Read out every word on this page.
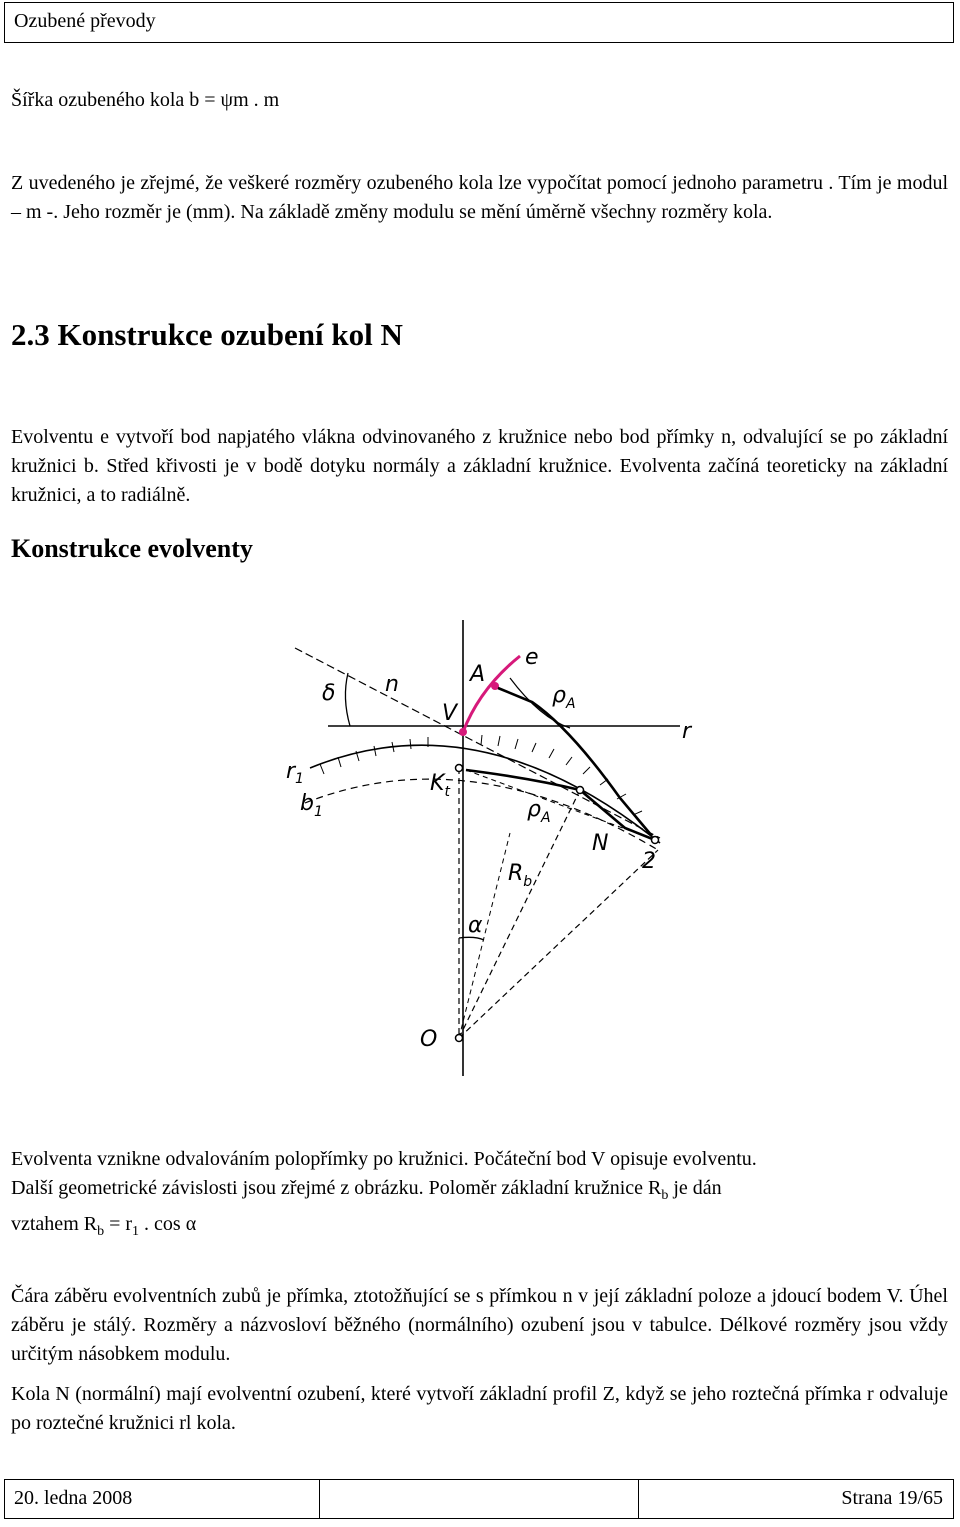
Ozubené převody

Šířka ozubeného kola b = ψm . m

Z uvedeného je zřejmé, že veškeré rozměry ozubeného kola lze vypočítat pomocí jednoho parametru . Tím je modul – m -. Jeho rozměr je (mm). Na základě změny modulu se mění úměrně všechny rozměry kola.

2.3 Konstrukce ozubení kol N

Evolventu e vytvoří bod napjatého vlákna odvinovaného z kružnice nebo bod přímky n, odvalující se po základní kružnici b. Střed křivosti je v bodě dotyku normály a základní kružnice. Evolventa začíná teoreticky na základní kružnici, a to radiálně.

Konstrukce evolventy
e
A
n
δ
V
r
$r_1$	$K_t$
$b_1$
$\rho_A$
$\rho_A$
N
$R_b$
2
α
O
Evolventa vznikne odvalováním polopřímky po kružnici. Počáteční bod V opisuje evolventu.
Další geometrické závislosti jsou zřejmé z obrázku. Poloměr základní kružnice $R_b$ je dán
vztahem $R_b = r_1$ . cos α

Čára záběru evolventních zubů je přímka, ztotožňující se s přímkou n v její základní poloze a jdoucí bodem V. Úhel záběru je stálý. Rozměry a názvosloví běžného (normálního) ozubení jsou v tabulce. Délkové rozměry jsou vždy určitým násobkem modulu.

Kola N (normální) mají evolventní ozubení, které vytvoří základní profil Z, když se jeho roztečná přímka r odvaluje po roztečné kružnici rl kola.

20. ledna 2008	Strana 19/65
